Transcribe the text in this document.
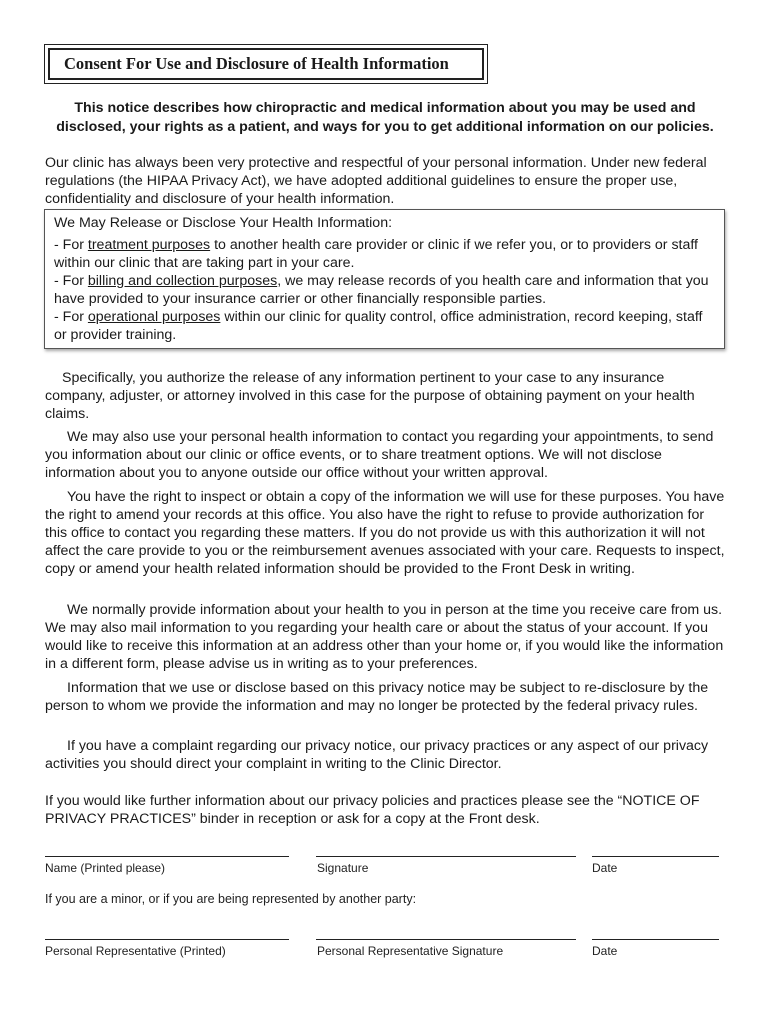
Consent For Use and Disclosure of Health Information
This notice describes how chiropractic and medical information about you may be used and disclosed, your rights as a patient, and ways for you to get additional information on our policies.
Our clinic has always been very protective and respectful of your personal information. Under new federal regulations (the HIPAA Privacy Act), we have adopted additional guidelines to ensure the proper use, confidentiality and disclosure of your health information.

We May Release or Disclose Your Health Information:

- For treatment purposes to another health care provider or clinic if we refer you, or to providers or staff within our clinic that are taking part in your care.

- For billing and collection purposes, we may release records of you health care and information that you have provided to your insurance carrier or other financially responsible parties.

- For operational purposes within our clinic for quality control, office administration, record keeping, staff or provider training.

Specifically, you authorize the release of any information pertinent to your case to any insurance company, adjuster, or attorney involved in this case for the purpose of obtaining payment on your health claims.
We may also use your personal health information to contact you regarding your appointments, to send you information about our clinic or office events, or to share treatment options. We will not disclose information about you to anyone outside our office without your written approval.
You have the right to inspect or obtain a copy of the information we will use for these purposes. You have the right to amend your records at this office. You also have the right to refuse to provide authorization for this office to contact you regarding these matters. If you do not provide us with this authorization it will not affect the care provide to you or the reimbursement avenues associated with your care. Requests to inspect, copy or amend your health related information should be provided to the Front Desk in writing.
We normally provide information about your health to you in person at the time you receive care from us. We may also mail information to you regarding your health care or about the status of your account. If you would like to receive this information at an address other than your home or, if you would like the information in a different form, please advise us in writing as to your preferences.
Information that we use or disclose based on this privacy notice may be subject to re-disclosure by the person to whom we provide the information and may no longer be protected by the federal privacy rules.
If you have a complaint regarding our privacy notice, our privacy practices or any aspect of our privacy activities you should direct your complaint in writing to the Clinic Director.
If you would like further information about our privacy policies and practices please see the “NOTICE OF PRIVACY PRACTICES” binder in reception or ask for a copy at the Front desk.
Name (Printed please)	Signature	Date
If you are a minor, or if you are being represented by another party:
Personal Representative (Printed)	Personal Representative Signature	Date
